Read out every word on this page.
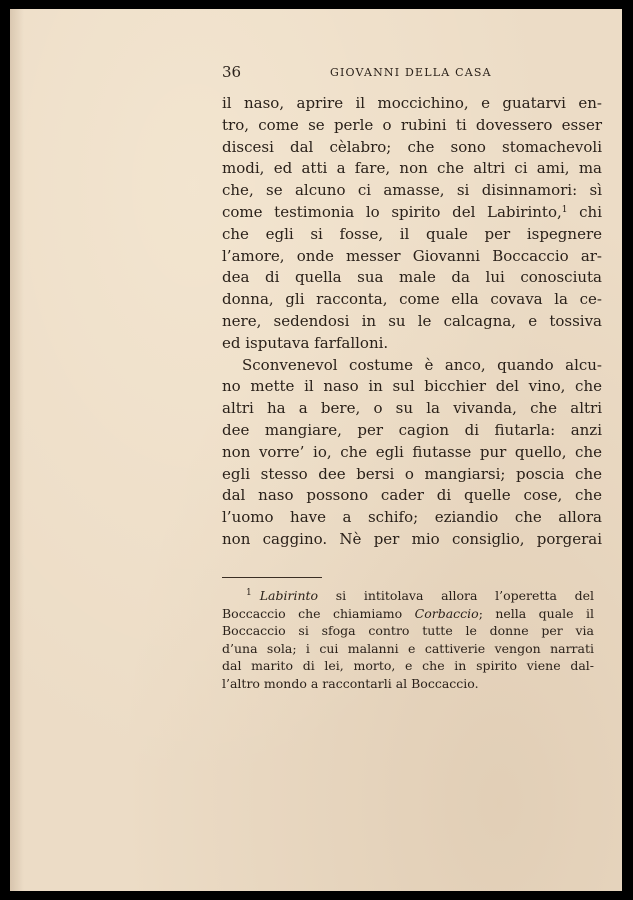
36	GIOVANNI DELLA CASA
il naso, aprire il moccichino, e guatarvi en-
tro, come se perle o rubini ti dovessero esser
discesi dal cèlabro; che sono stomachevoli
modi, ed atti a fare, non che altri ci ami, ma
che, se alcuno ci amasse, si disinnamori: sì
come testimonia lo spirito del Labirinto,$^1$ chi
che egli si fosse, il quale per ispegnere
l’amore, onde messer Giovanni Boccaccio ar-
dea di quella sua male da lui conosciuta
donna, gli racconta, come ella covava la ce-
nere, sedendosi in su le calcagna, e tossiva
ed isputava farfalloni.
Sconvenevol costume è anco, quando alcu-
no mette il naso in sul bicchier del vino, che
altri ha a bere, o su la vivanda, che altri
dee mangiare, per cagion di fiutarla: anzi
non vorre’ io, che egli fiutasse pur quello, che
egli stesso dee bersi o mangiarsi; poscia che
dal naso possono cader di quelle cose, che
l’uomo have a schifo; eziandio che allora
non caggino. Nè per mio consiglio, porgerai
$^1$ Labirinto si intitolava allora l’operetta del
Boccaccio che chiamiamo Corbaccio; nella quale il
Boccaccio si sfoga contro tutte le donne per via
d’una sola; i cui malanni e cattiverie vengon narrati
dal marito di lei, morto, e che in spirito viene dal-
l’altro mondo a raccontarli al Boccaccio.
